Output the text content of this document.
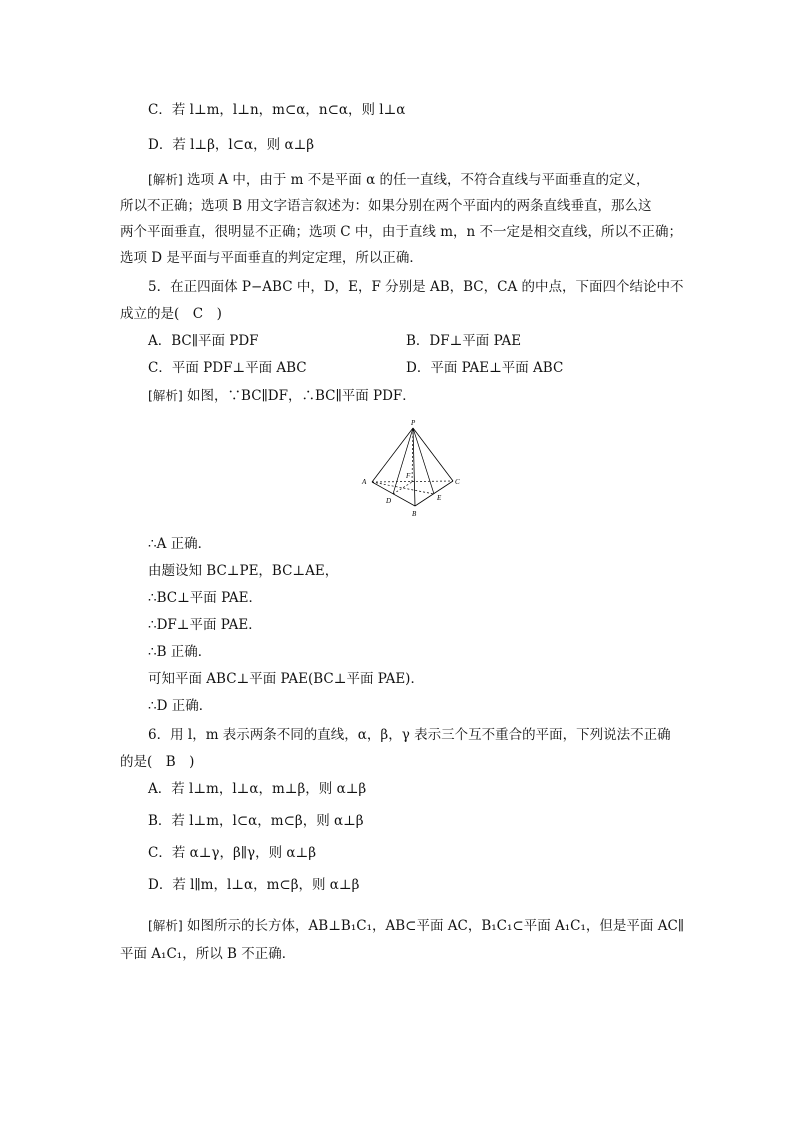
C．若 l⊥m，l⊥n，m⊂α，n⊂α，则 l⊥α
D．若 l⊥β，l⊂α，则 α⊥β
[解析] 选项 A 中，由于 m 不是平面 α 的任一直线，不符合直线与平面垂直的定义，
所以不正确；选项 B 用文字语言叙述为：如果分别在两个平面内的两条直线垂直，那么这
两个平面垂直，很明显不正确；选项 C 中，由于直线 m，n 不一定是相交直线，所以不正确；
选项 D 是平面与平面垂直的判定定理，所以正确．
5．在正四面体 P−ABC 中，D，E，F 分别是 AB，BC，CA 的中点，下面四个结论中不
成立的是(　C　)
A．BC∥平面 PDF	B．DF⊥平面 PAE
C．平面 PDF⊥平面 ABC	D．平面 PAE⊥平面 ABC
[解析] 如图，∵BC∥DF，∴BC∥平面 PDF．
P
A	C
B
D	E
F
∴A 正确．
由题设知 BC⊥PE，BC⊥AE，
∴BC⊥平面 PAE．
∴DF⊥平面 PAE．
∴B 正确．
可知平面 ABC⊥平面 PAE(BC⊥平面 PAE)．
∴D 正确．
6．用 l，m 表示两条不同的直线，α，β，γ 表示三个互不重合的平面，下列说法不正确
的是(　B　)
A．若 l⊥m，l⊥α，m⊥β，则 α⊥β
B．若 l⊥m，l⊂α，m⊂β，则 α⊥β
C．若 α⊥γ，β∥γ，则 α⊥β
D．若 l∥m，l⊥α，m⊂β，则 α⊥β
[解析] 如图所示的长方体，AB⊥B₁C₁，AB⊂平面 AC，B₁C₁⊂平面 A₁C₁，但是平面 AC∥
平面 A₁C₁，所以 B 不正确．
